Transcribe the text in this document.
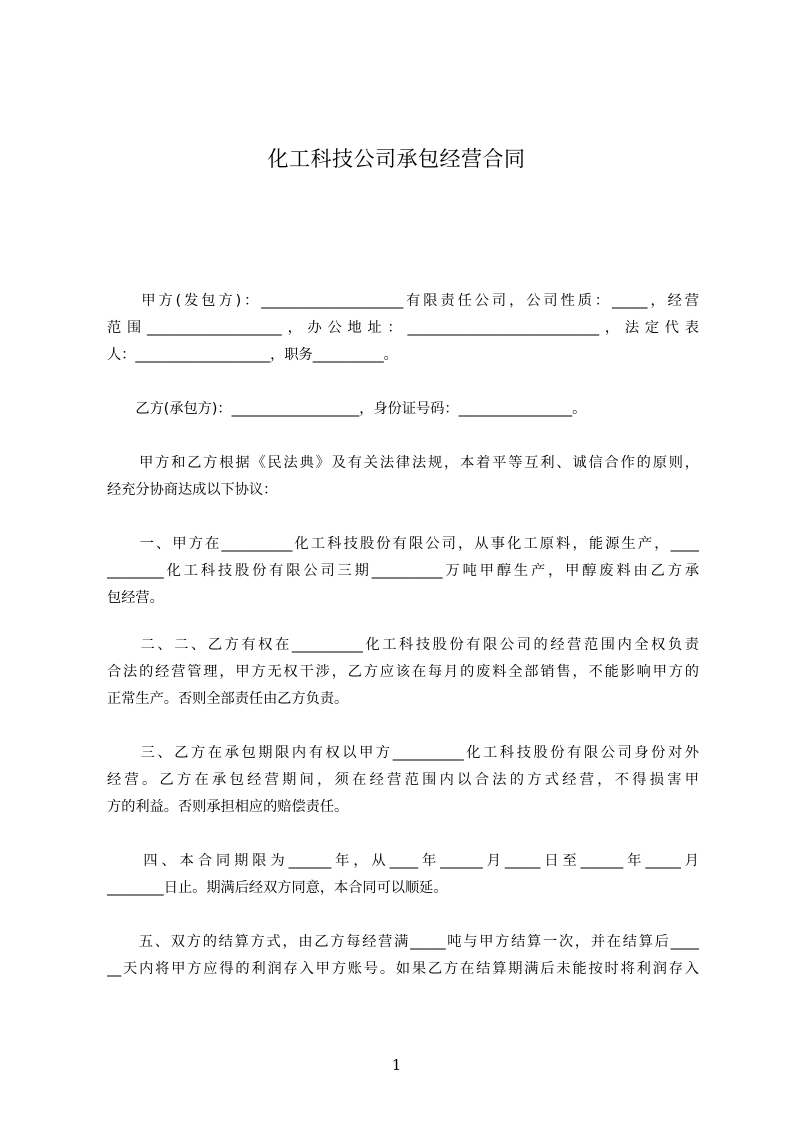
化工科技公司承包经营合同
　　甲方(发包方)：____________________有限责任公司，公司性质：_____，经营
范围___________________，办公地址：___________________________，法定代表
人：___________________，职务__________。
　　乙方(承包方)：__________________，身份证号码：________________。
　　甲方和乙方根据《民法典》及有关法律法规，本着平等互利、诚信合作的原则，
经充分协商达成以下协议：
　　一、甲方在__________化工科技股份有限公司，从事化工原料，能源生产，____
________化工科技股份有限公司三期__________万吨甲醇生产，甲醇废料由乙方承
包经营。
　　二、二、乙方有权在__________化工科技股份有限公司的经营范围内全权负责
合法的经营管理，甲方无权干涉，乙方应该在每月的废料全部销售，不能影响甲方的
正常生产。否则全部责任由乙方负责。
　　三、乙方在承包期限内有权以甲方__________化工科技股份有限公司身份对外
经营。乙方在承包经营期间，须在经营范围内以合法的方式经营，不得损害甲
方的利益。否则承担相应的赔偿责任。
　　四、本合同期限为______年，从____年______月_____日至______年_____月
________日止。期满后经双方同意，本合同可以顺延。
　　五、双方的结算方式，由乙方每经营满_____吨与甲方结算一次，并在结算后____
__天内将甲方应得的利润存入甲方账号。如果乙方在结算期满后未能按时将利润存入
1
